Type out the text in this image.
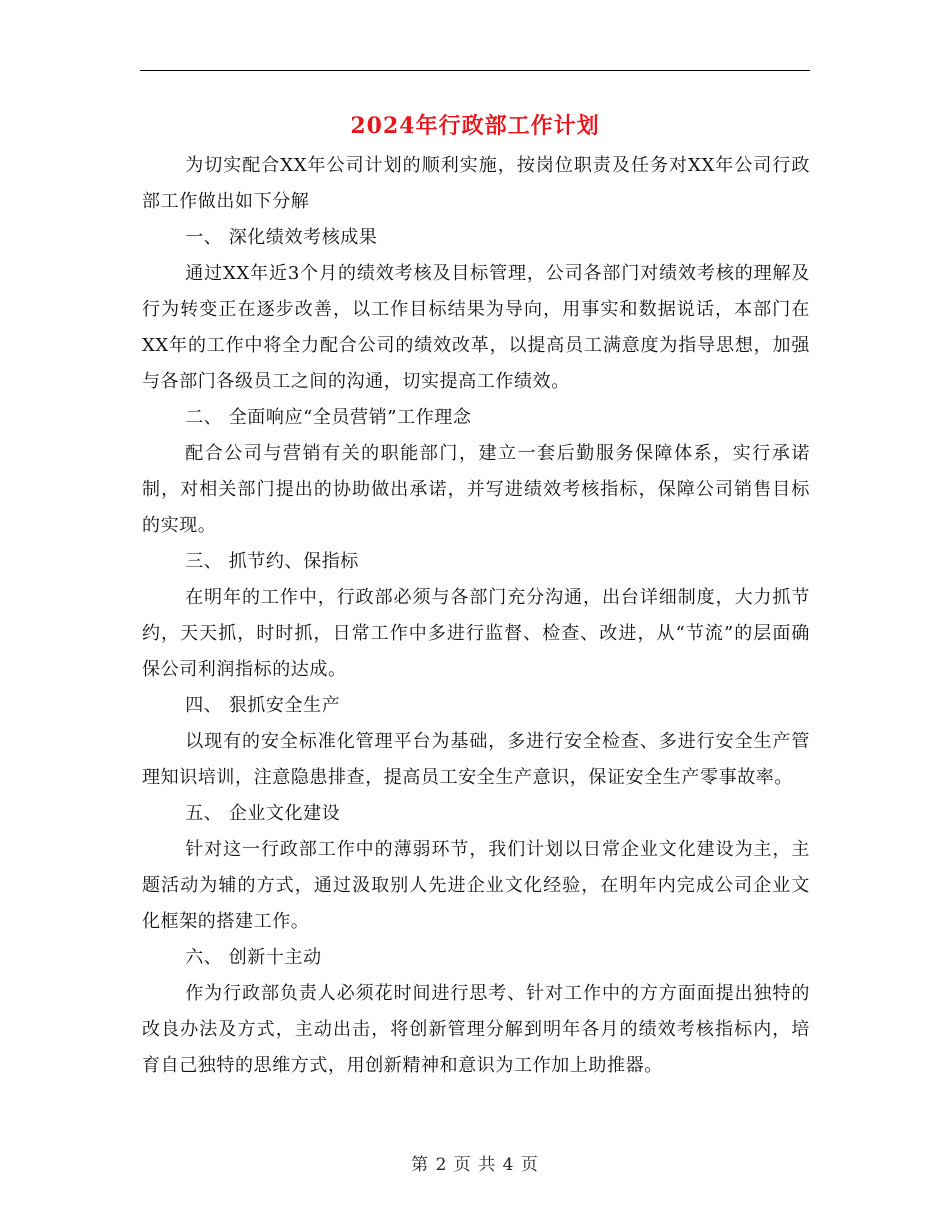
2024年行政部工作计划

为切实配合XX年公司计划的顺利实施，按岗位职责及任务对XX年公司行政部工作做出如下分解

一、 深化绩效考核成果

通过XX年近3个月的绩效考核及目标管理，公司各部门对绩效考核的理解及行为转变正在逐步改善，以工作目标结果为导向，用事实和数据说话，本部门在XX年的工作中将全力配合公司的绩效改革，以提高员工满意度为指导思想，加强与各部门各级员工之间的沟通，切实提高工作绩效。

二、 全面响应“全员营销”工作理念

配合公司与营销有关的职能部门，建立一套后勤服务保障体系，实行承诺制，对相关部门提出的协助做出承诺，并写进绩效考核指标，保障公司销售目标的实现。

三、 抓节约、保指标

在明年的工作中，行政部必须与各部门充分沟通，出台详细制度，大力抓节约，天天抓，时时抓，日常工作中多进行监督、检查、改进，从“节流”的层面确保公司利润指标的达成。

四、 狠抓安全生产

以现有的安全标准化管理平台为基础，多进行安全检查、多进行安全生产管理知识培训，注意隐患排查，提高员工安全生产意识，保证安全生产零事故率。

五、 企业文化建设

针对这一行政部工作中的薄弱环节，我们计划以日常企业文化建设为主，主题活动为辅的方式，通过汲取别人先进企业文化经验，在明年内完成公司企业文化框架的搭建工作。

六、 创新十主动

作为行政部负责人必须花时间进行思考、针对工作中的方方面面提出独特的改良办法及方式，主动出击，将创新管理分解到明年各月的绩效考核指标内，培育自己独特的思维方式，用创新精神和意识为工作加上助推器。

第 2 页 共 4 页
